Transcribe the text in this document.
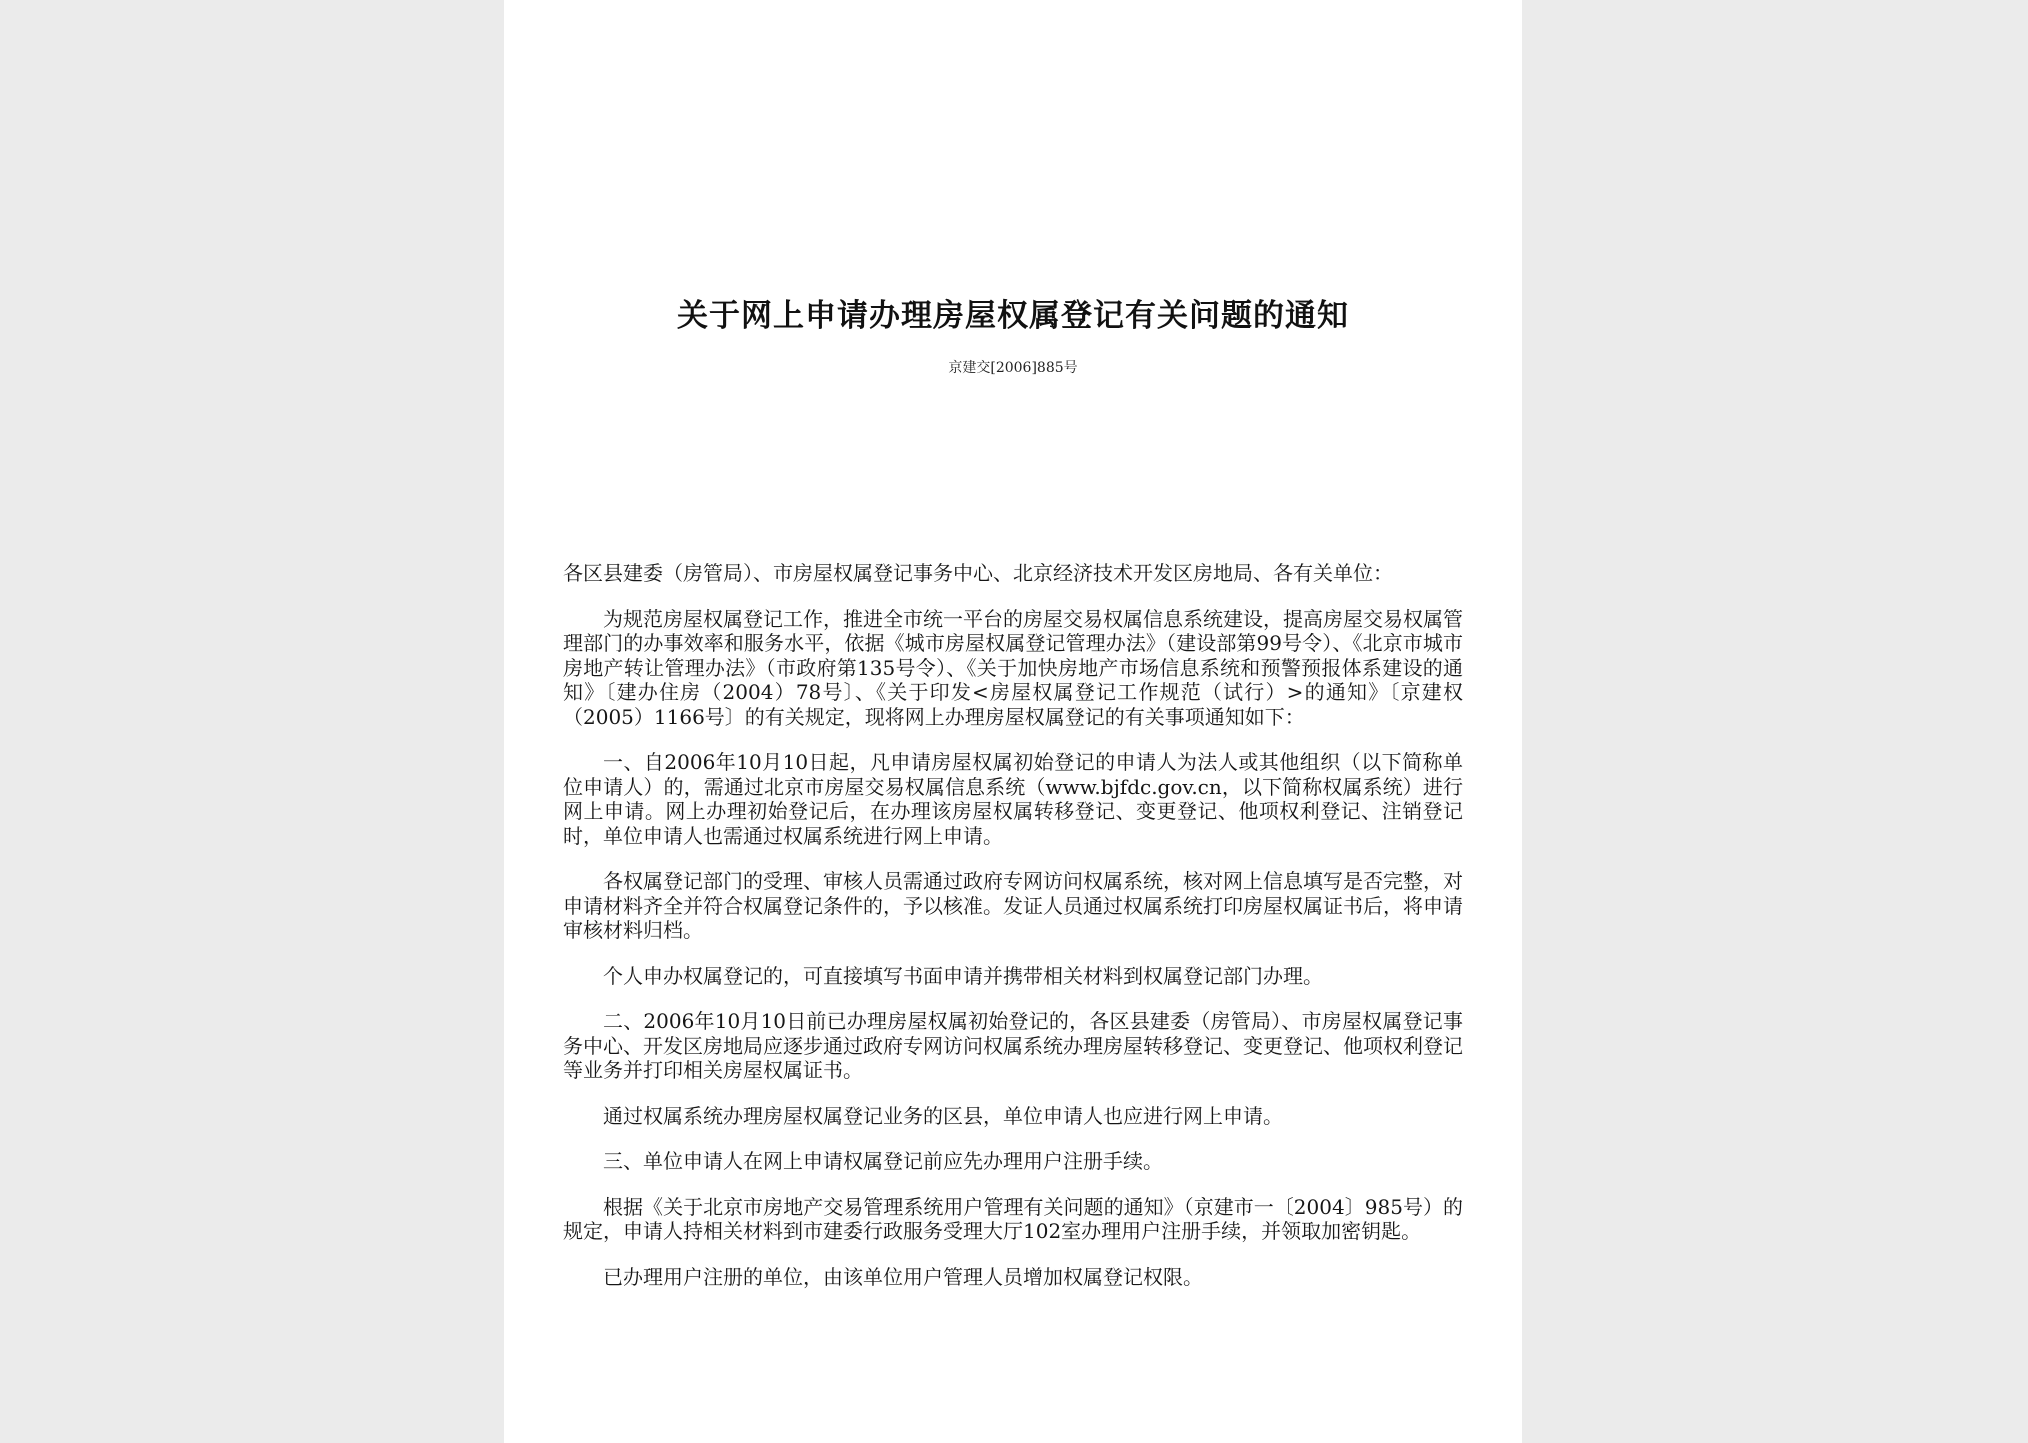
关于网上申请办理房屋权属登记有关问题的通知
京建交[2006]885号

各区县建委（房管局）、市房屋权属登记事务中心、北京经济技术开发区房地局、各有关单位：

为规范房屋权属登记工作，推进全市统一平台的房屋交易权属信息系统建设，提高房屋交易权属管理部门的办事效率和服务水平，依据《城市房屋权属登记管理办法》（建设部第99号令）、《北京市城市房地产转让管理办法》（市政府第135号令）、《关于加快房地产市场信息系统和预警预报体系建设的通知》〔建办住房（2004）78号〕、《关于印发<房屋权属登记工作规范（试行）>的通知》〔京建权（2005）1166号〕的有关规定，现将网上办理房屋权属登记的有关事项通知如下：

一、自2006年10月10日起，凡申请房屋权属初始登记的申请人为法人或其他组织（以下简称单位申请人）的，需通过北京市房屋交易权属信息系统（www.bjfdc.gov.cn，以下简称权属系统）进行网上申请。网上办理初始登记后，在办理该房屋权属转移登记、变更登记、他项权利登记、注销登记时，单位申请人也需通过权属系统进行网上申请。

各权属登记部门的受理、审核人员需通过政府专网访问权属系统，核对网上信息填写是否完整，对申请材料齐全并符合权属登记条件的，予以核准。发证人员通过权属系统打印房屋权属证书后，将申请审核材料归档。

个人申办权属登记的，可直接填写书面申请并携带相关材料到权属登记部门办理。

二、2006年10月10日前已办理房屋权属初始登记的，各区县建委（房管局）、市房屋权属登记事务中心、开发区房地局应逐步通过政府专网访问权属系统办理房屋转移登记、变更登记、他项权利登记等业务并打印相关房屋权属证书。

通过权属系统办理房屋权属登记业务的区县，单位申请人也应进行网上申请。

三、单位申请人在网上申请权属登记前应先办理用户注册手续。

根据《关于北京市房地产交易管理系统用户管理有关问题的通知》（京建市一〔2004〕985号）的规定，申请人持相关材料到市建委行政服务受理大厅102室办理用户注册手续，并领取加密钥匙。

已办理用户注册的单位，由该单位用户管理人员增加权属登记权限。
